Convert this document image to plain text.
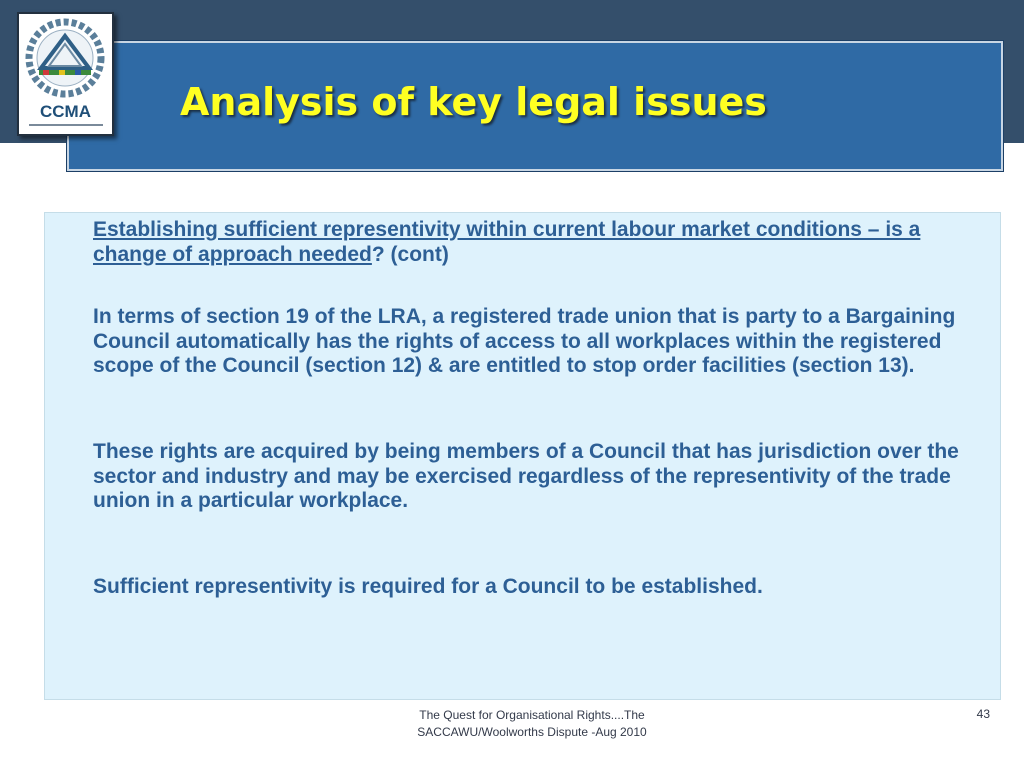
Analysis of key legal issues
CCMA
Establishing sufficient representivity within current labour market conditions – is a change of approach needed? (cont)
In terms of section 19 of the LRA, a registered trade union that is party to a Bargaining Council automatically has the rights of access to all workplaces within the registered scope of the Council (section 12) & are entitled to stop order facilities (section 13).
These rights are acquired by being members of a Council that has jurisdiction over the sector and industry and may be exercised regardless of the representivity of the trade union in a particular workplace.
Sufficient representivity is required for a Council to be established.
The Quest for Organisational Rights....The
SACCAWU/Woolworths Dispute -Aug 2010
43
